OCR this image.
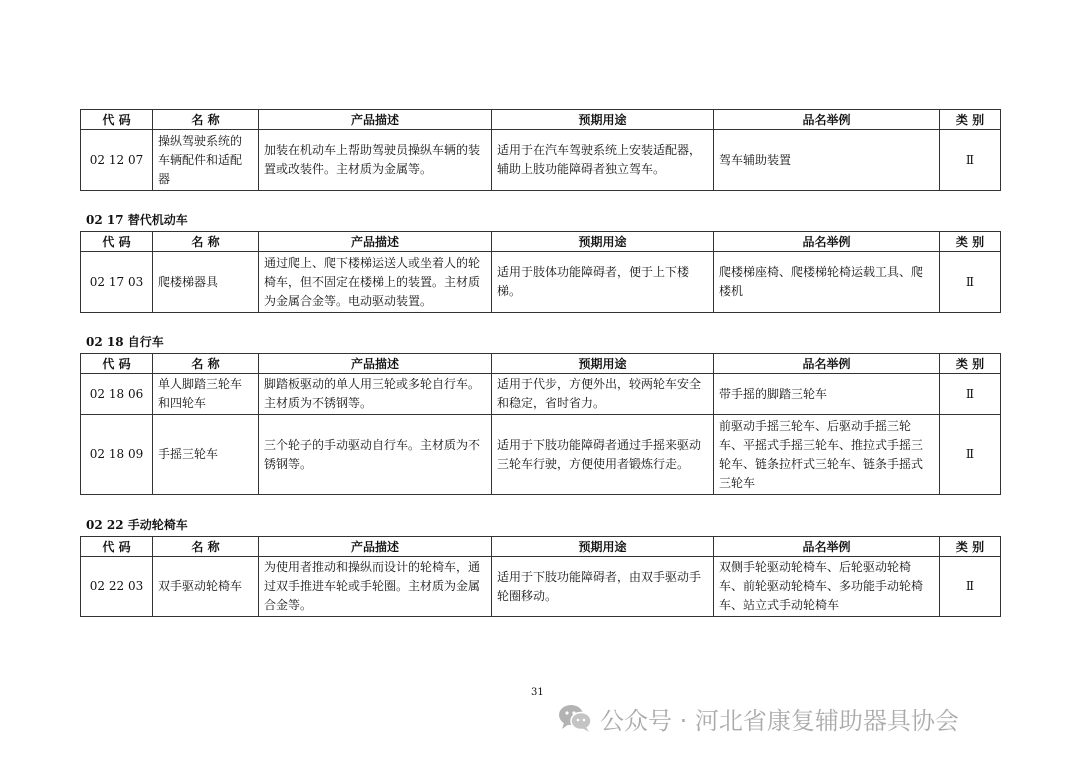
代 码	名 称	产品描述	预期用途	品名举例	类 别
02 12 07	操纵驾驶系统的车辆配件和适配器	加装在机动车上帮助驾驶员操纵车辆的装置或改装件。主材质为金属等。	适用于在汽车驾驶系统上安装适配器，辅助上肢功能障碍者独立驾车。	驾车辅助装置	Ⅱ
02 17 替代机动车
代 码	名 称	产品描述	预期用途	品名举例	类 别
02 17 03	爬楼梯器具	通过爬上、爬下楼梯运送人或坐着人的轮椅车，但不固定在楼梯上的装置。主材质为金属合金等。电动驱动装置。	适用于肢体功能障碍者，便于上下楼梯。	爬楼梯座椅、爬楼梯轮椅运载工具、爬楼机	Ⅱ
02 18 自行车
代 码	名 称	产品描述	预期用途	品名举例	类 别
02 18 06	单人脚踏三轮车和四轮车	脚踏板驱动的单人用三轮或多轮自行车。主材质为不锈钢等。	适用于代步，方便外出，较两轮车安全和稳定，省时省力。	带手摇的脚踏三轮车	Ⅱ
02 18 09	手摇三轮车	三个轮子的手动驱动自行车。主材质为不锈钢等。	适用于下肢功能障碍者通过手摇来驱动三轮车行驶，方便使用者锻炼行走。	前驱动手摇三轮车、后驱动手摇三轮车、平摇式手摇三轮车、推拉式手摇三轮车、链条拉杆式三轮车、链条手摇式三轮车	Ⅱ
02 22 手动轮椅车
代 码	名 称	产品描述	预期用途	品名举例	类 别
02 22 03	双手驱动轮椅车	为使用者推动和操纵而设计的轮椅车，通过双手推进车轮或手轮圈。主材质为金属合金等。	适用于下肢功能障碍者，由双手驱动手轮圈移动。	双侧手轮驱动轮椅车、后轮驱动轮椅车、前轮驱动轮椅车、多功能手动轮椅车、站立式手动轮椅车	Ⅱ
31
公众号 · 河北省康复辅助器具协会
